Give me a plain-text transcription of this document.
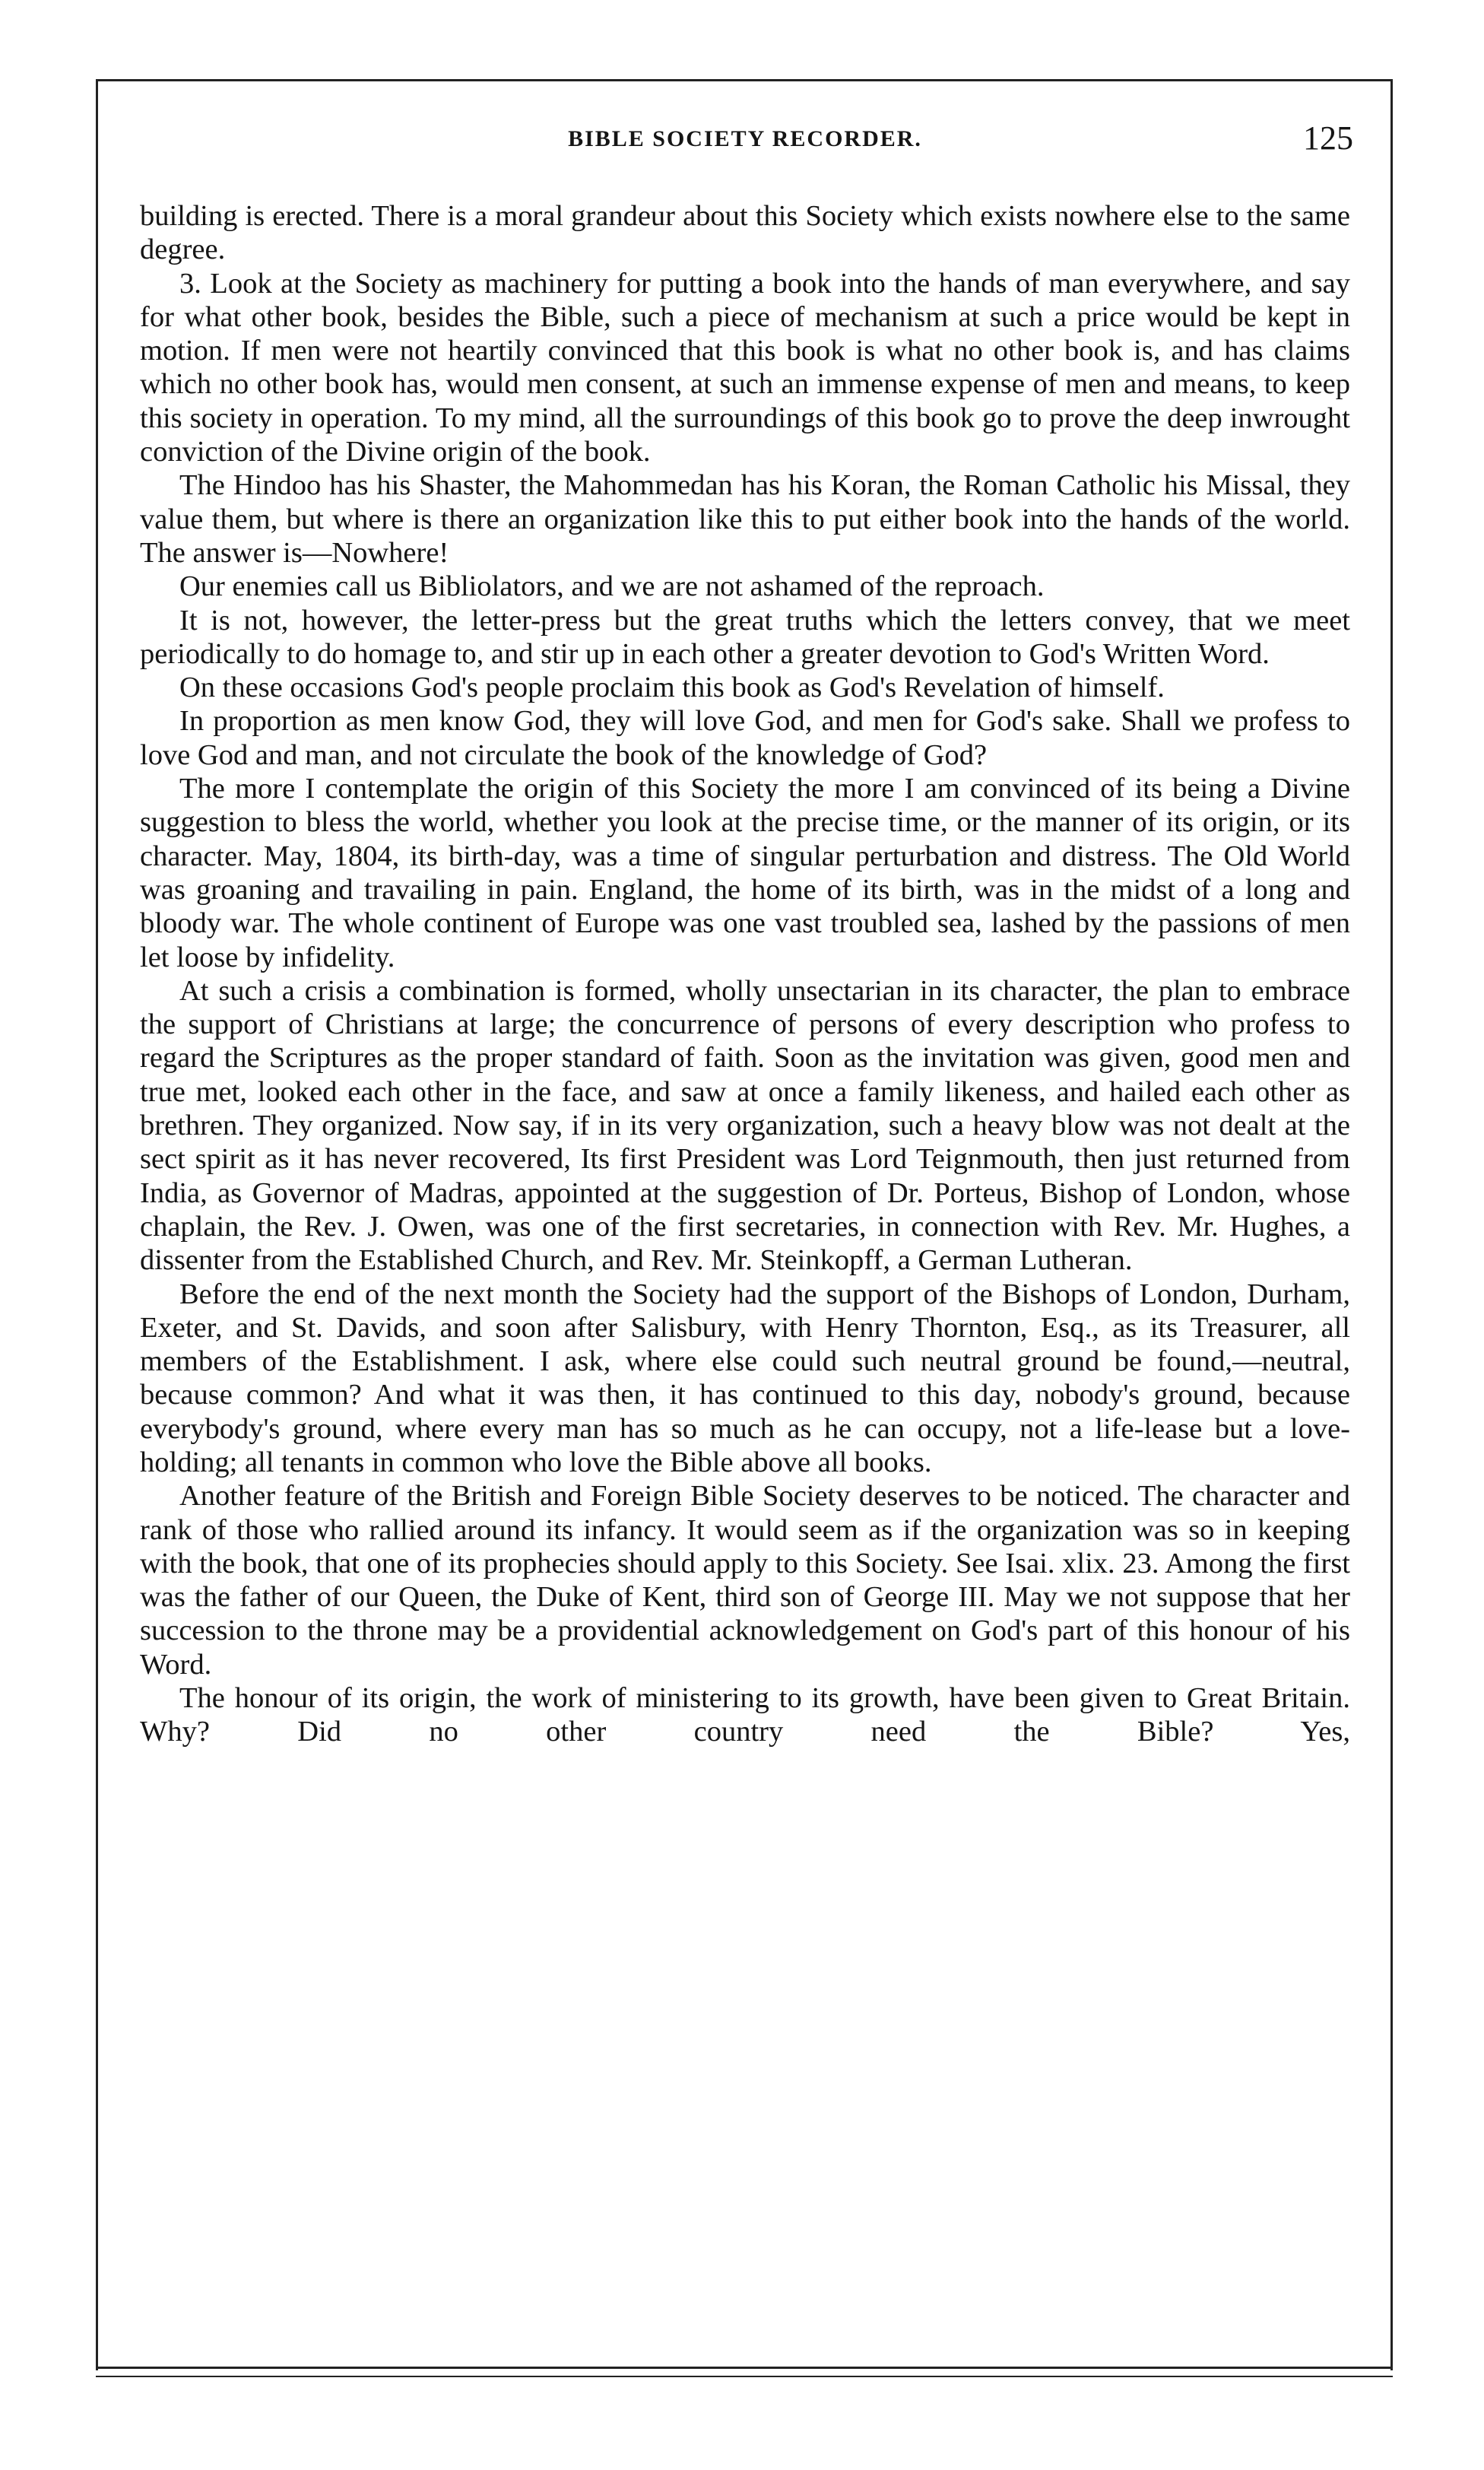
BIBLE SOCIETY RECORDER.	125

building is erected. There is a moral grandeur about this Society which exists nowhere else to the same degree.

3. Look at the Society as machinery for putting a book into the hands of man everywhere, and say for what other book, besides the Bible, such a piece of mechanism at such a price would be kept in motion. If men were not heartily convinced that this book is what no other book is, and has claims which no other book has, would men consent, at such an immense expense of men and means, to keep this society in operation. To my mind, all the surroundings of this book go to prove the deep inwrought conviction of the Divine origin of the book.

The Hindoo has his Shaster, the Mahommedan has his Koran, the Roman Catholic his Missal, they value them, but where is there an organization like this to put either book into the hands of the world. The answer is—Nowhere!

Our enemies call us Bibliolators, and we are not ashamed of the reproach.

It is not, however, the letter-press but the great truths which the letters convey, that we meet periodically to do homage to, and stir up in each other a greater devotion to God's Written Word.

On these occasions God's people proclaim this book as God's Revelation of himself.

In proportion as men know God, they will love God, and men for God's sake. Shall we profess to love God and man, and not circulate the book of the knowledge of God?

The more I contemplate the origin of this Society the more I am convinced of its being a Divine suggestion to bless the world, whether you look at the precise time, or the manner of its origin, or its character. May, 1804, its birth-day, was a time of singular perturbation and distress. The Old World was groaning and travailing in pain. England, the home of its birth, was in the midst of a long and bloody war. The whole continent of Europe was one vast troubled sea, lashed by the passions of men let loose by infidelity.

At such a crisis a combination is formed, wholly unsectarian in its character, the plan to embrace the support of Christians at large; the concurrence of persons of every description who profess to regard the Scriptures as the proper standard of faith. Soon as the invitation was given, good men and true met, looked each other in the face, and saw at once a family likeness, and hailed each other as brethren. They organized. Now say, if in its very organization, such a heavy blow was not dealt at the sect spirit as it has never recovered, Its first President was Lord Teignmouth, then just returned from India, as Governor of Madras, appointed at the suggestion of Dr. Porteus, Bishop of London, whose chaplain, the Rev. J. Owen, was one of the first secretaries, in connection with Rev. Mr. Hughes, a dissenter from the Established Church, and Rev. Mr. Steinkopff, a German Lutheran.

Before the end of the next month the Society had the support of the Bishops of London, Durham, Exeter, and St. Davids, and soon after Salisbury, with Henry Thornton, Esq., as its Treasurer, all members of the Establishment. I ask, where else could such neutral ground be found,—neutral, because common? And what it was then, it has continued to this day, nobody's ground, because everybody's ground, where every man has so much as he can occupy, not a life-lease but a love-holding; all tenants in common who love the Bible above all books.

Another feature of the British and Foreign Bible Society deserves to be noticed. The character and rank of those who rallied around its infancy. It would seem as if the organization was so in keeping with the book, that one of its prophecies should apply to this Society. See Isai. xlix. 23. Among the first was the father of our Queen, the Duke of Kent, third son of George III. May we not suppose that her succession to the throne may be a providential acknowledgement on God's part of this honour of his Word.

The honour of its origin, the work of ministering to its growth, have been given to Great Britain. Why? Did no other country need the Bible? Yes,
